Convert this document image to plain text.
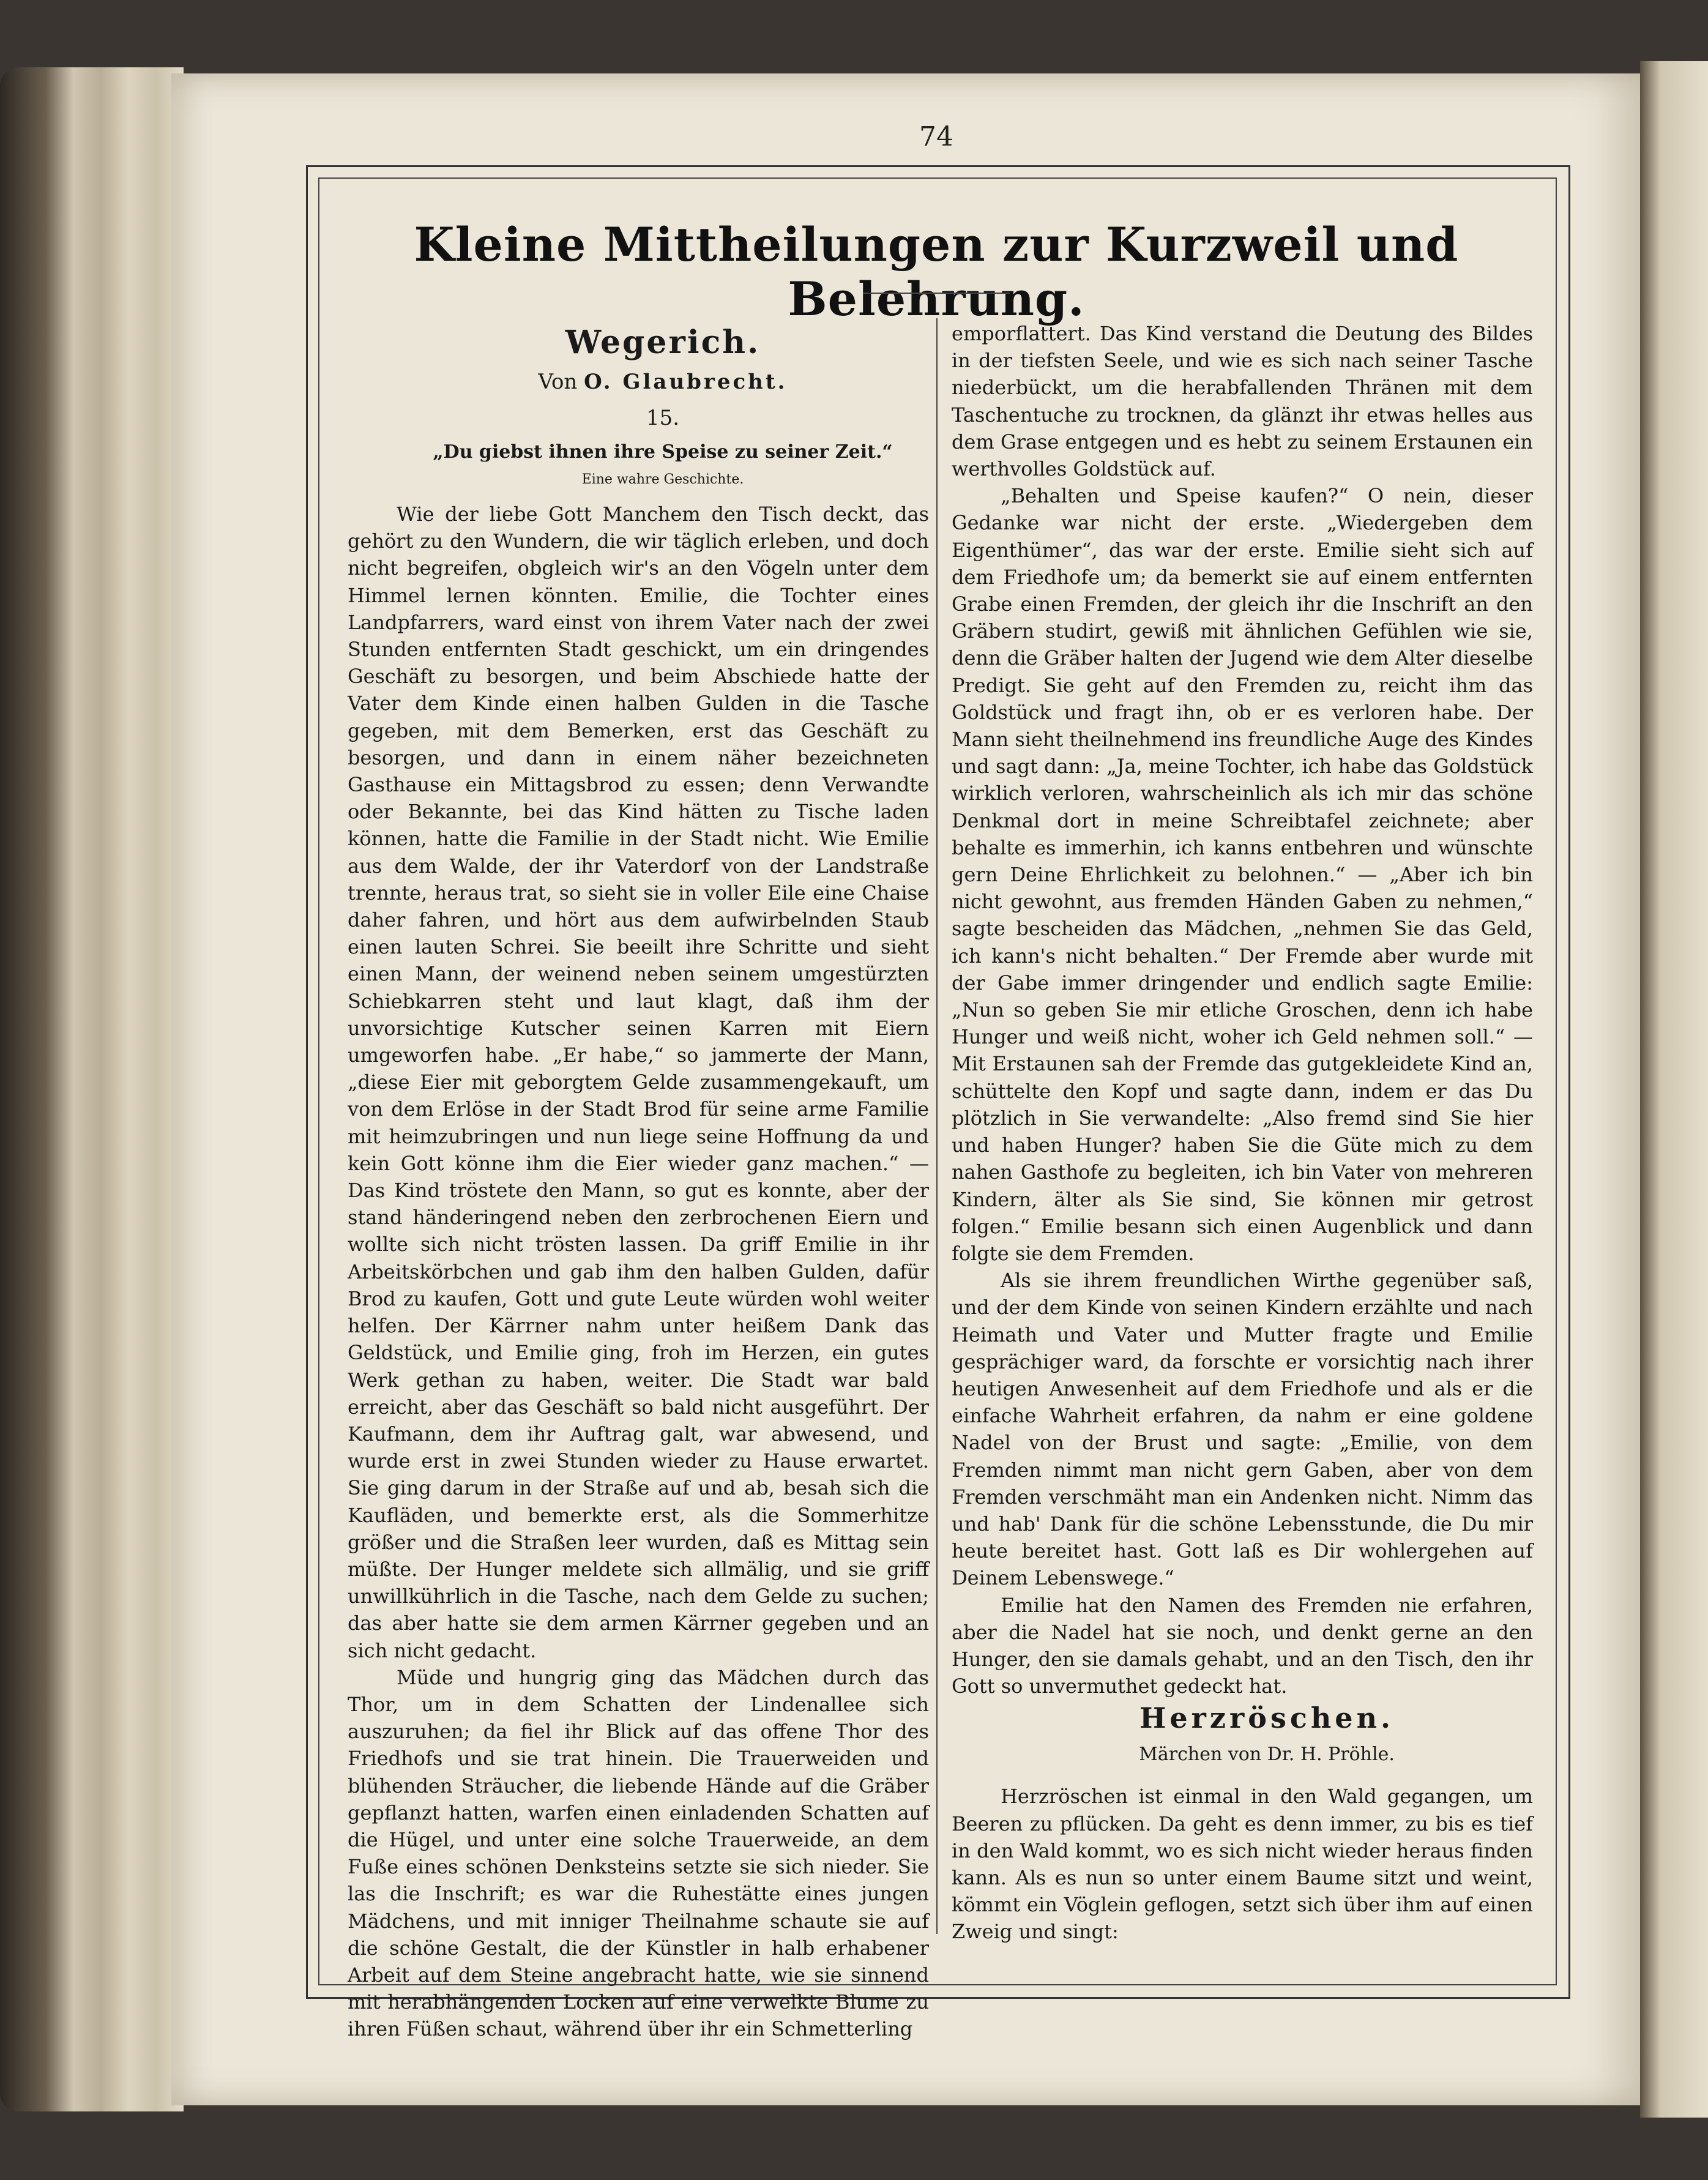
74
Kleine Mittheilungen zur Kurzweil und Belehrung.

Wegerich.

Von O. Glaubrecht.

15.

„Du giebst ihnen ihre Speise zu seiner Zeit.“

Eine wahre Geschichte.

Wie der liebe Gott Manchem den Tisch deckt, das gehört zu den Wundern, die wir täglich erleben, und doch nicht begreifen, obgleich wir's an den Vögeln unter dem Himmel lernen könnten. Emilie, die Tochter eines Landpfarrers, ward einst von ihrem Vater nach der zwei Stunden entfernten Stadt geschickt, um ein dringendes Geschäft zu besorgen, und beim Abschiede hatte der Vater dem Kinde einen halben Gulden in die Tasche gegeben, mit dem Bemerken, erst das Geschäft zu besorgen, und dann in einem näher bezeichneten Gasthause ein Mittagsbrod zu essen; denn Verwandte oder Bekannte, bei das Kind hätten zu Tische laden können, hatte die Familie in der Stadt nicht. Wie Emilie aus dem Walde, der ihr Vaterdorf von der Landstraße trennte, heraus trat, so sieht sie in voller Eile eine Chaise daher fahren, und hört aus dem aufwirbelnden Staub einen lauten Schrei. Sie beeilt ihre Schritte und sieht einen Mann, der weinend neben seinem umgestürzten Schiebkarren steht und laut klagt, daß ihm der unvorsichtige Kutscher seinen Karren mit Eiern umgeworfen habe. „Er habe,“ so jammerte der Mann, „diese Eier mit geborgtem Gelde zusammengekauft, um von dem Erlöse in der Stadt Brod für seine arme Familie mit heimzubringen und nun liege seine Hoffnung da und kein Gott könne ihm die Eier wieder ganz machen.“ — Das Kind tröstete den Mann, so gut es konnte, aber der stand händeringend neben den zerbrochenen Eiern und wollte sich nicht trösten lassen. Da griff Emilie in ihr Arbeitskörbchen und gab ihm den halben Gulden, dafür Brod zu kaufen, Gott und gute Leute würden wohl weiter helfen. Der Kärrner nahm unter heißem Dank das Geldstück, und Emilie ging, froh im Herzen, ein gutes Werk gethan zu haben, weiter. Die Stadt war bald erreicht, aber das Geschäft so bald nicht ausgeführt. Der Kaufmann, dem ihr Auftrag galt, war abwesend, und wurde erst in zwei Stunden wieder zu Hause erwartet. Sie ging darum in der Straße auf und ab, besah sich die Kaufläden, und bemerkte erst, als die Sommerhitze größer und die Straßen leer wurden, daß es Mittag sein müßte. Der Hunger meldete sich allmälig, und sie griff unwillkührlich in die Tasche, nach dem Gelde zu suchen; das aber hatte sie dem armen Kärrner gegeben und an sich nicht gedacht.

Müde und hungrig ging das Mädchen durch das Thor, um in dem Schatten der Lindenallee sich auszuruhen; da fiel ihr Blick auf das offene Thor des Friedhofs und sie trat hinein. Die Trauerweiden und blühenden Sträucher, die liebende Hände auf die Gräber gepflanzt hatten, warfen einen einladenden Schatten auf die Hügel, und unter eine solche Trauerweide, an dem Fuße eines schönen Denksteins setzte sie sich nieder. Sie las die Inschrift; es war die Ruhestätte eines jungen Mädchens, und mit inniger Theilnahme schaute sie auf die schöne Gestalt, die der Künstler in halb erhabener Arbeit auf dem Steine angebracht hatte, wie sie sinnend mit herabhängenden Locken auf eine verwelkte Blume zu ihren Füßen schaut, während über ihr ein Schmetterling

emporflattert. Das Kind verstand die Deutung des Bildes in der tiefsten Seele, und wie es sich nach seiner Tasche niederbückt, um die herabfallenden Thränen mit dem Taschentuche zu trocknen, da glänzt ihr etwas helles aus dem Grase entgegen und es hebt zu seinem Erstaunen ein werthvolles Goldstück auf.

„Behalten und Speise kaufen?“ O nein, dieser Gedanke war nicht der erste. „Wiedergeben dem Eigenthümer“, das war der erste. Emilie sieht sich auf dem Friedhofe um; da bemerkt sie auf einem entfernten Grabe einen Fremden, der gleich ihr die Inschrift an den Gräbern studirt, gewiß mit ähnlichen Gefühlen wie sie, denn die Gräber halten der Jugend wie dem Alter dieselbe Predigt. Sie geht auf den Fremden zu, reicht ihm das Goldstück und fragt ihn, ob er es verloren habe. Der Mann sieht theilnehmend ins freundliche Auge des Kindes und sagt dann: „Ja, meine Tochter, ich habe das Goldstück wirklich verloren, wahrscheinlich als ich mir das schöne Denkmal dort in meine Schreibtafel zeichnete; aber behalte es immerhin, ich kanns entbehren und wünschte gern Deine Ehrlichkeit zu belohnen.“ — „Aber ich bin nicht gewohnt, aus fremden Händen Gaben zu nehmen,“ sagte bescheiden das Mädchen, „nehmen Sie das Geld, ich kann's nicht behalten.“ Der Fremde aber wurde mit der Gabe immer dringender und endlich sagte Emilie: „Nun so geben Sie mir etliche Groschen, denn ich habe Hunger und weiß nicht, woher ich Geld nehmen soll.“ — Mit Erstaunen sah der Fremde das gutgekleidete Kind an, schüttelte den Kopf und sagte dann, indem er das Du plötzlich in Sie verwandelte: „Also fremd sind Sie hier und haben Hunger? haben Sie die Güte mich zu dem nahen Gasthofe zu begleiten, ich bin Vater von mehreren Kindern, älter als Sie sind, Sie können mir getrost folgen.“ Emilie besann sich einen Augenblick und dann folgte sie dem Fremden.

Als sie ihrem freundlichen Wirthe gegenüber saß, und der dem Kinde von seinen Kindern erzählte und nach Heimath und Vater und Mutter fragte und Emilie gesprächiger ward, da forschte er vorsichtig nach ihrer heutigen Anwesenheit auf dem Friedhofe und als er die einfache Wahrheit erfahren, da nahm er eine goldene Nadel von der Brust und sagte: „Emilie, von dem Fremden nimmt man nicht gern Gaben, aber von dem Fremden verschmäht man ein Andenken nicht. Nimm das und hab' Dank für die schöne Lebensstunde, die Du mir heute bereitet hast. Gott laß es Dir wohlergehen auf Deinem Lebenswege.“

Emilie hat den Namen des Fremden nie erfahren, aber die Nadel hat sie noch, und denkt gerne an den Hunger, den sie damals gehabt, und an den Tisch, den ihr Gott so unvermuthet gedeckt hat.

Herzröschen.

Märchen von Dr. H. Pröhle.

Herzröschen ist einmal in den Wald gegangen, um Beeren zu pflücken. Da geht es denn immer, zu bis es tief in den Wald kommt, wo es sich nicht wieder heraus finden kann. Als es nun so unter einem Baume sitzt und weint, kömmt ein Vöglein geflogen, setzt sich über ihm auf einen Zweig und singt:
